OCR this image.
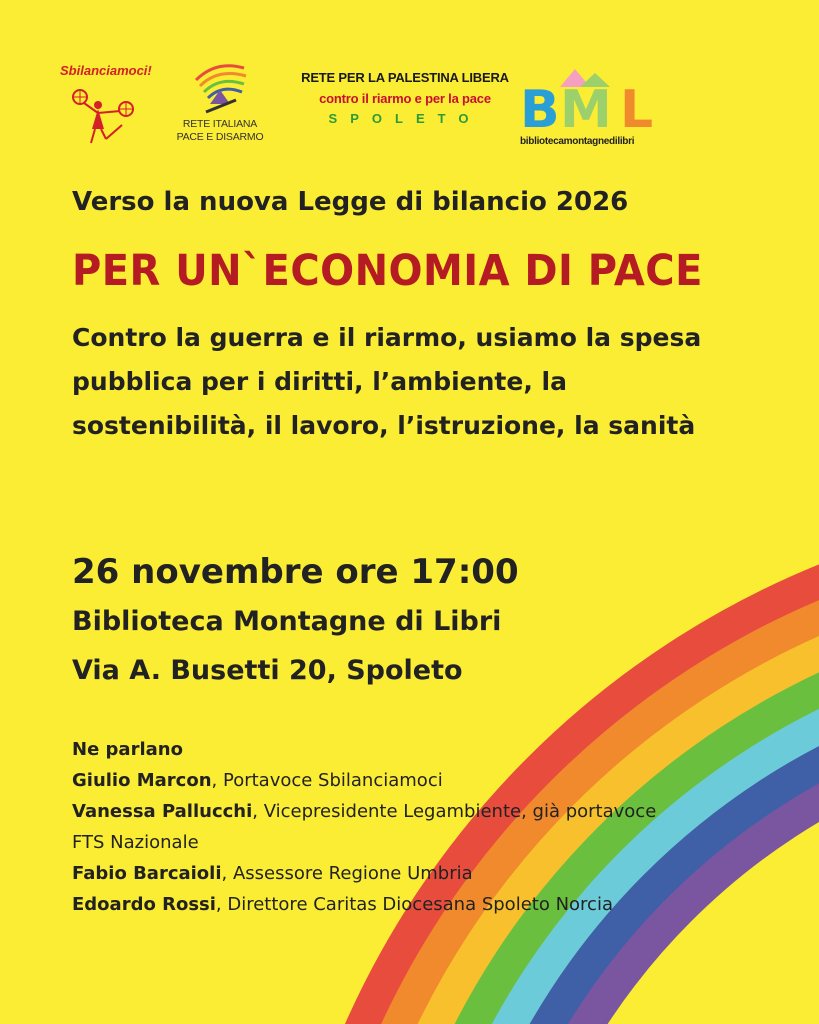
Sbilanciamoci!
RETE ITALIANA
PACE E DISARMO
RETE PER LA PALESTINA LIBERA
contro il riarmo e per la pace
SPOLETO B M L
bibliotecamontagnedilibri
Verso la nuova Legge di bilancio 2026
PER UN`ECONOMIA DI PACE
Contro la guerra e il riarmo, usiamo la spesa pubblica per i diritti, l’ambiente, la sostenibilità, il lavoro, l’istruzione, la sanità
26 novembre ore 17:00
Biblioteca Montagne di Libri
Via A. Busetti 20, Spoleto
Ne parlano
Giulio Marcon, Portavoce Sbilanciamoci
Vanessa Pallucchi, Vicepresidente Legambiente, già portavoce FTS Nazionale
Fabio Barcaioli, Assessore Regione Umbria
Edoardo Rossi, Direttore Caritas Diocesana Spoleto Norcia
